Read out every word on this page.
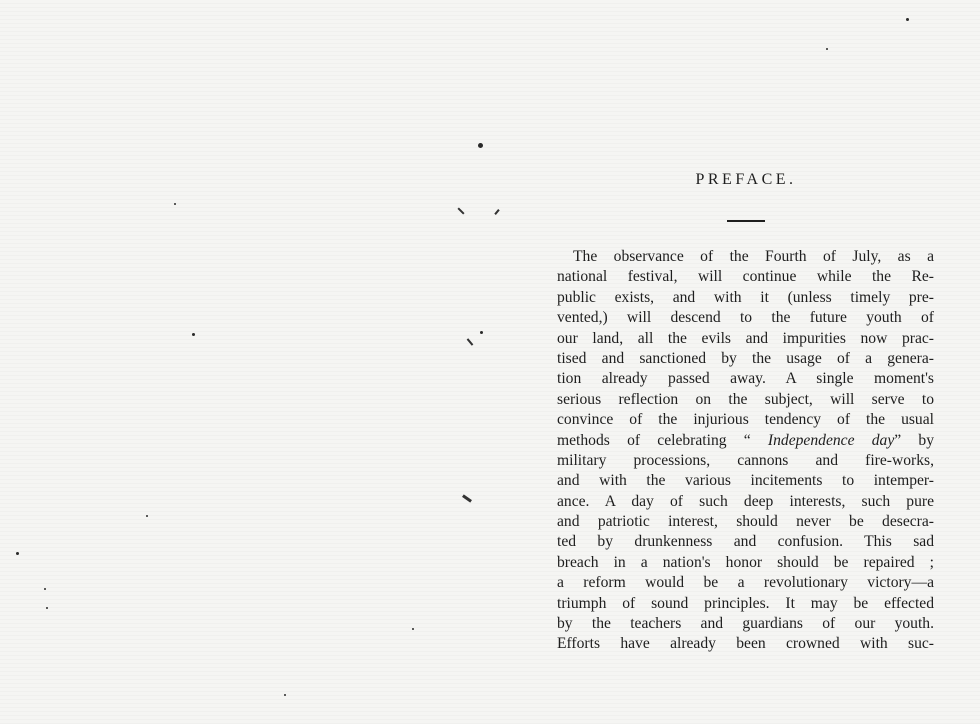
PREFACE.
The observance of the Fourth of July, as a
national festival, will continue while the Re-
public exists, and with it (unless timely pre-
vented,) will descend to the future youth of
our land, all the evils and impurities now prac-
tised and sanctioned by the usage of a genera-
tion already passed away. A single moment's
serious reflection on the subject, will serve to
convince of the injurious tendency of the usual
methods of celebrating “ Independence day” by
military processions, cannons and fire-works,
and with the various incitements to intemper-
ance. A day of such deep interests, such pure
and patriotic interest, should never be desecra-
ted by drunkenness and confusion. This sad
breach in a nation's honor should be repaired ;
a reform would be a revolutionary victory—a
triumph of sound principles. It may be effected
by the teachers and guardians of our youth.
Efforts have already been crowned with suc-
